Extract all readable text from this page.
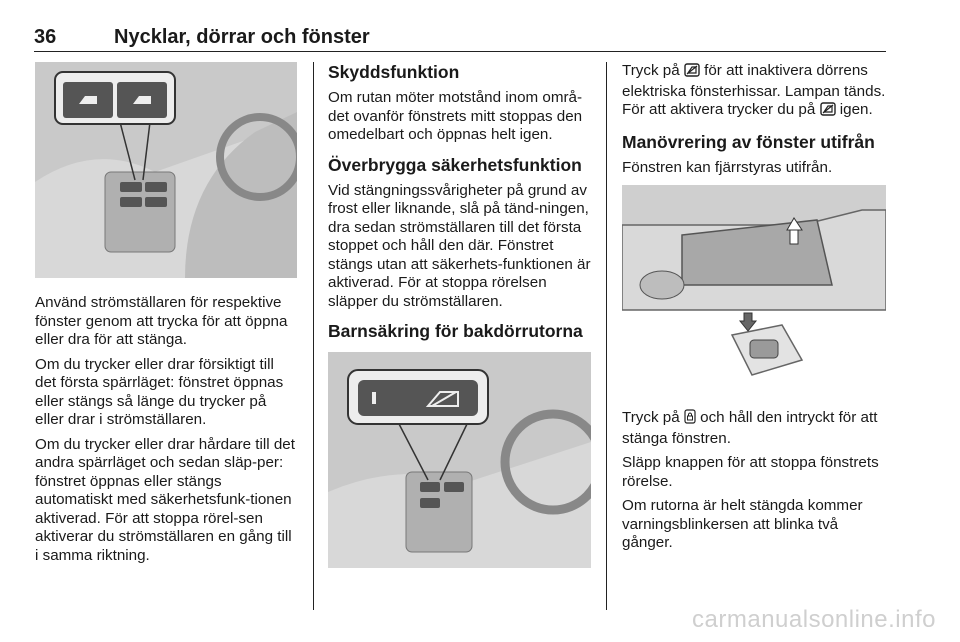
36	Nycklar, dörrar och fönster

Använd strömställaren för respektive fönster genom att trycka för att öppna eller dra för att stänga.

Om du trycker eller drar försiktigt till det första spärrläget: fönstret öppnas eller stängs så länge du trycker på eller drar i strömställaren.

Om du trycker eller drar hårdare till det andra spärrläget och sedan släp-per: fönstret öppnas eller stängs automatiskt med säkerhetsfunk-tionen aktiverad. För att stoppa rörel-sen aktiverar du strömställaren en gång till i samma riktning.

Skyddsfunktion

Om rutan möter motstånd inom områ-det ovanför fönstrets mitt stoppas den omedelbart och öppnas helt igen.

Överbrygga säkerhetsfunktion

Vid stängningssvårigheter på grund av frost eller liknande, slå på tänd-ningen, dra sedan strömställaren till det första stoppet och håll den där. Fönstret stängs utan att säkerhets-funktionen är aktiverad. För at stoppa rörelsen släpper du strömställaren.

Barnsäkring för bakdörrutorna

Tryck på för att inaktivera dörrens elektriska fönsterhissar. Lampan tänds. För att aktivera trycker du på igen.

Manövrering av fönster utifrån

Fönstren kan fjärrstyras utifrån.

Tryck på och håll den intryckt för att stänga fönstren.

Släpp knappen för att stoppa fönstrets rörelse.

Om rutorna är helt stängda kommer varningsblinkersen att blinka två gånger.

carmanualsonline.info
